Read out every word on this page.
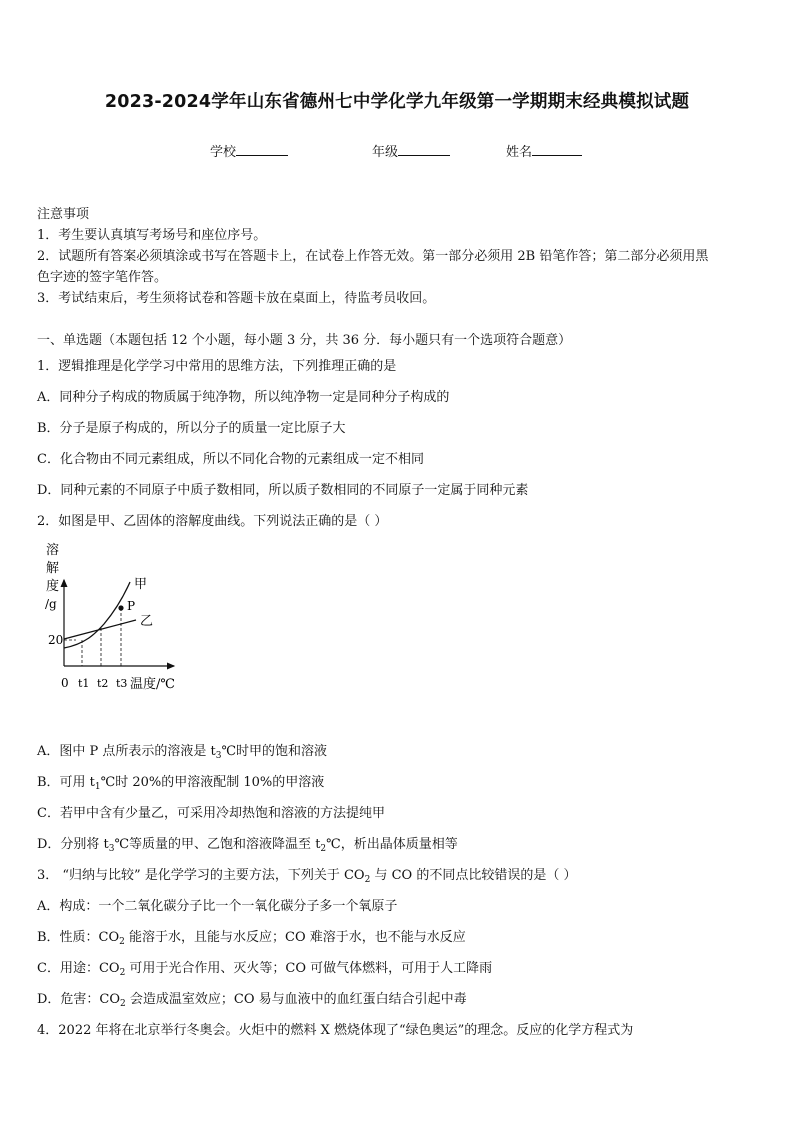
2023-2024学年山东省德州七中学化学九年级第一学期期末经典模拟试题
学校	年级	姓名
注意事项
1．考生要认真填写考场号和座位序号。
2．试题所有答案必须填涂或书写在答题卡上，在试卷上作答无效。第一部分必须用 2B 铅笔作答；第二部分必须用黑
色字迹的签字笔作答。
3．考试结束后，考生须将试卷和答题卡放在桌面上，待监考员收回。
一、单选题（本题包括 12 个小题，每小题 3 分，共 36 分．每小题只有一个选项符合题意）
1．逻辑推理是化学学习中常用的思维方法，下列推理正确的是
A．同种分子构成的物质属于纯净物，所以纯净物一定是同种分子构成的
B．分子是原子构成的，所以分子的质量一定比原子大
C．化合物由不同元素组成，所以不同化合物的元素组成一定不相同
D．同种元素的不同原子中质子数相同，所以质子数相同的不同原子一定属于同种元素
2．如图是甲、乙固体的溶解度曲线。下列说法正确的是（ ）
溶
解
度
/g
20
甲
乙
P
0 t1 t2 t3 温度/℃
A．图中 P 点所表示的溶液是 $t_3℃$时甲的饱和溶液
B．可用 $t_1℃$时 20%的甲溶液配制 10%的甲溶液
C．若甲中含有少量乙，可采用冷却热饱和溶液的方法提纯甲
D．分别将 $t_3℃$等质量的甲、乙饱和溶液降温至 $t_2℃$，析出晶体质量相等
3． “归纳与比较” 是化学学习的主要方法，下列关于 $CO_2$ 与 CO 的不同点比较错误的是（ ）
A．构成：一个二氧化碳分子比一个一氧化碳分子多一个氧原子
B．性质：$CO_2$ 能溶于水，且能与水反应；CO 难溶于水，也不能与水反应
C．用途：$CO_2$ 可用于光合作用、灭火等；CO 可做气体燃料，可用于人工降雨
D．危害：$CO_2$ 会造成温室效应；CO 易与血液中的血红蛋白结合引起中毒
4．2022 年将在北京举行冬奥会。火炬中的燃料 X 燃烧体现了“绿色奥运”的理念。反应的化学方程式为
